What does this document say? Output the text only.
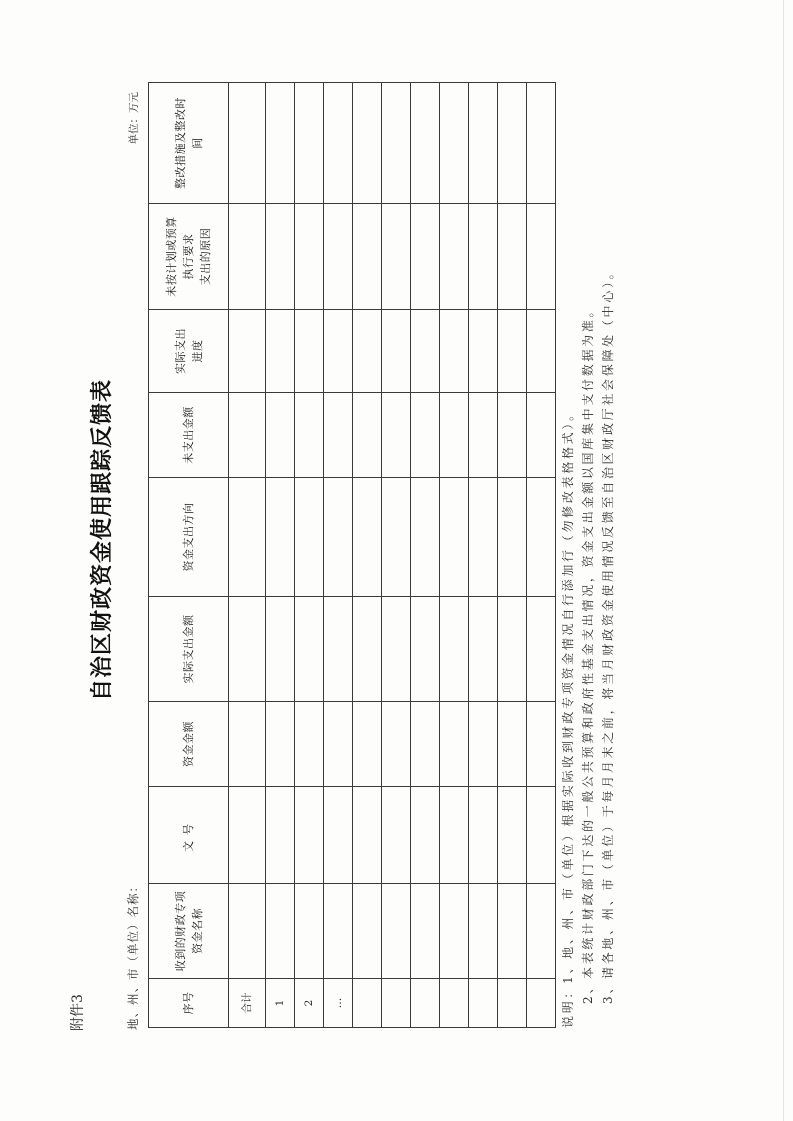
附件3
自治区财政资金使用跟踪反馈表
地、州、市（单位）名称：
单位：万元
序号	收到的财政专项 资金名称	文号	资金金额	实际支出金额	资金支出方向	未支出金额	实际支出 进度	未按计划或预算 执行要求 支出的原因	整改措施及整改时 间

合计									
1									
2									
…									

										说明：1、地、州、市（单位）根据实际收到财政专项资金情况自行添加行（勿修改表格格式）。 2、本表统计财政部门下达的一般公共预算和政府性基金支出情况，资金支出金额以国库集中支付数据为准。 3、请各地、州、市（单位）于每月月末之前，将当月财政资金使用情况反馈至自治区财政厅社会保障处（中心）。
